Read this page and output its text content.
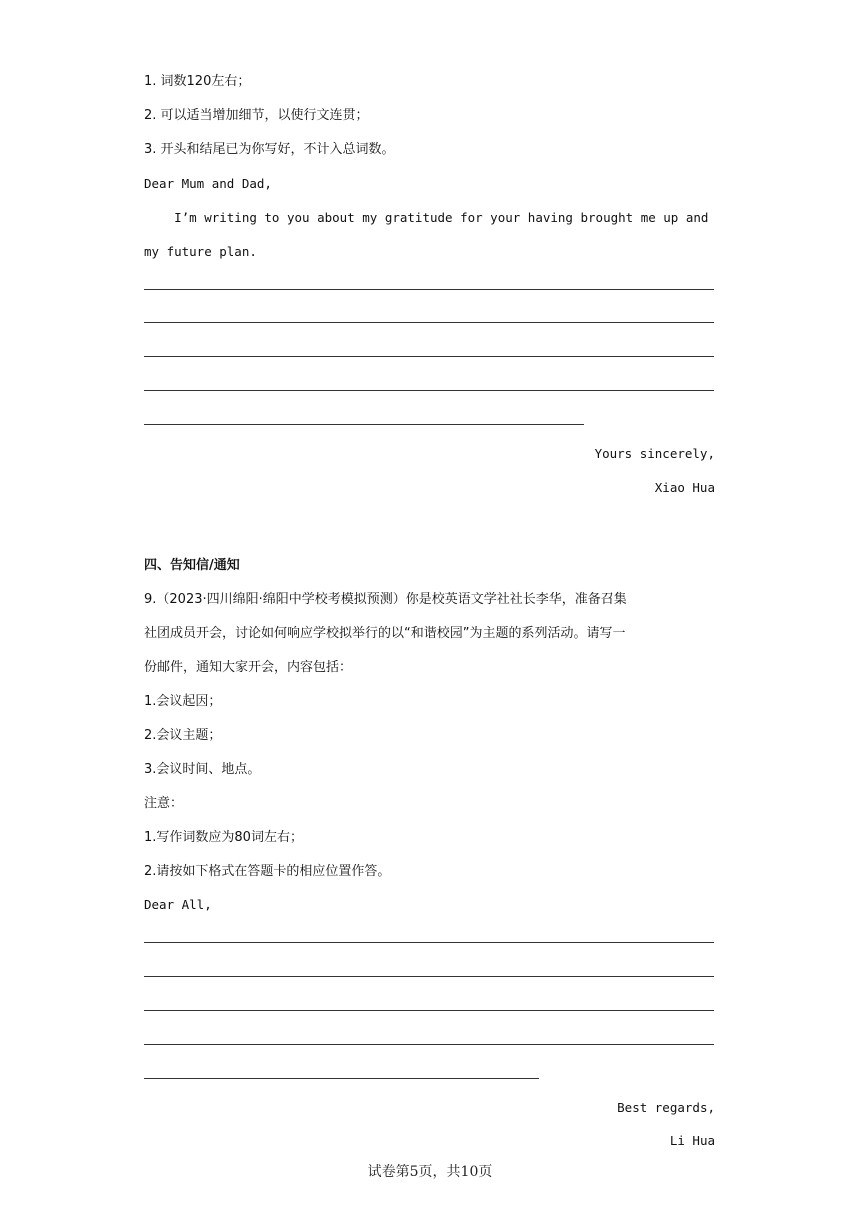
1. 词数120左右；
2. 可以适当增加细节，以使行文连贯；
3. 开头和结尾已为你写好，不计入总词数。
Dear Mum and Dad,
I’m writing to you about my gratitude for your having brought me up and
my future plan.
Yours sincerely,
Xiao Hua
四、告知信/通知
9.（2023·四川绵阳·绵阳中学校考模拟预测）你是校英语文学社社长李华，准备召集
社团成员开会，讨论如何响应学校拟举行的以“和谐校园”为主题的系列活动。请写一
份邮件，通知大家开会，内容包括：
1.会议起因；
2.会议主题；
3.会议时间、地点。
注意：
1.写作词数应为80词左右；
2.请按如下格式在答题卡的相应位置作答。
Dear All,
Best regards,
Li Hua
试卷第5页，共10页
